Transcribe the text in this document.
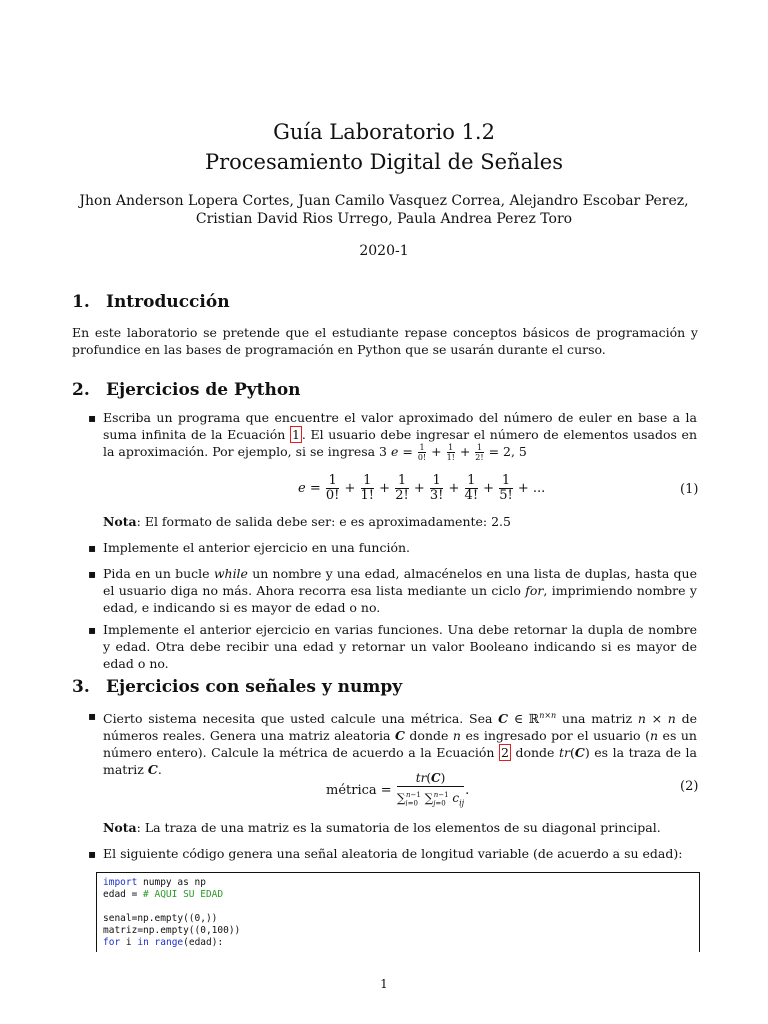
Guía Laboratorio 1.2
Procesamiento Digital de Señales
Jhon Anderson Lopera Cortes, Juan Camilo Vasquez Correa, Alejandro Escobar Perez,
Cristian David Rios Urrego, Paula Andrea Perez Toro
2020-1
1. Introducción
En este laboratorio se pretende que el estudiante repase conceptos básicos de programación y profundice en las bases de programación en Python que se usarán durante el curso.
2. Ejercicios de Python
▪ Escriba un programa que encuentre el valor aproximado del número de euler en base a la suma infinita de la Ecuación 1 . El usuario debe ingresar el número de elementos usados en la aproximación. Por ejemplo, si se ingresa 3 $e = \frac{1}{0!} + \frac{1}{1!} + \frac{1}{2!} = 2$, 5
$e = \frac{1}{0!} + \frac{1}{1!} + \frac{1}{2!} + \frac{1}{3!} + \frac{1}{4!} + \frac{1}{5!}$ + ...	(1)
Nota: El formato de salida debe ser: e es aproximadamente: 2.5
▪ Implemente el anterior ejercicio en una función.
▪ Pida en un bucle while un nombre y una edad, almacénelos en una lista de duplas, hasta que el usuario diga no más. Ahora recorra esa lista mediante un ciclo for, imprimiendo nombre y edad, e indicando si es mayor de edad o no.
▪ Implemente el anterior ejercicio en varias funciones. Una debe retornar la dupla de nombre y edad. Otra debe recibir una edad y retornar un valor Booleano indicando si es mayor de edad o no.
3. Ejercicios con señales y numpy
▪ Cierto sistema necesita que usted calcule una métrica. Sea C ∈ ℝ$^{n\times n}$ una matriz n × n de números reales. Genera una matriz aleatoria C donde n es ingresado por el usuario (n es un número entero). Calcule la métrica de acuerdo a la Ecuación 2 donde tr(C) es la traza de la matriz C.
métrica = $\frac{tr(C)}{\sum_{i=0}^{n-1} \sum_{j=0}^{n-1} c_{ij}}$ .	(2)
Nota: La traza de una matriz es la sumatoria de los elementos de su diagonal principal.
▪ El siguiente código genera una señal aleatoria de longitud variable (de acuerdo a su edad):
import numpy as np
edad = # AQUI SU EDAD

senal=np.empty((0,))
matriz=np.empty((0,100))
for i in range(edad):
1
